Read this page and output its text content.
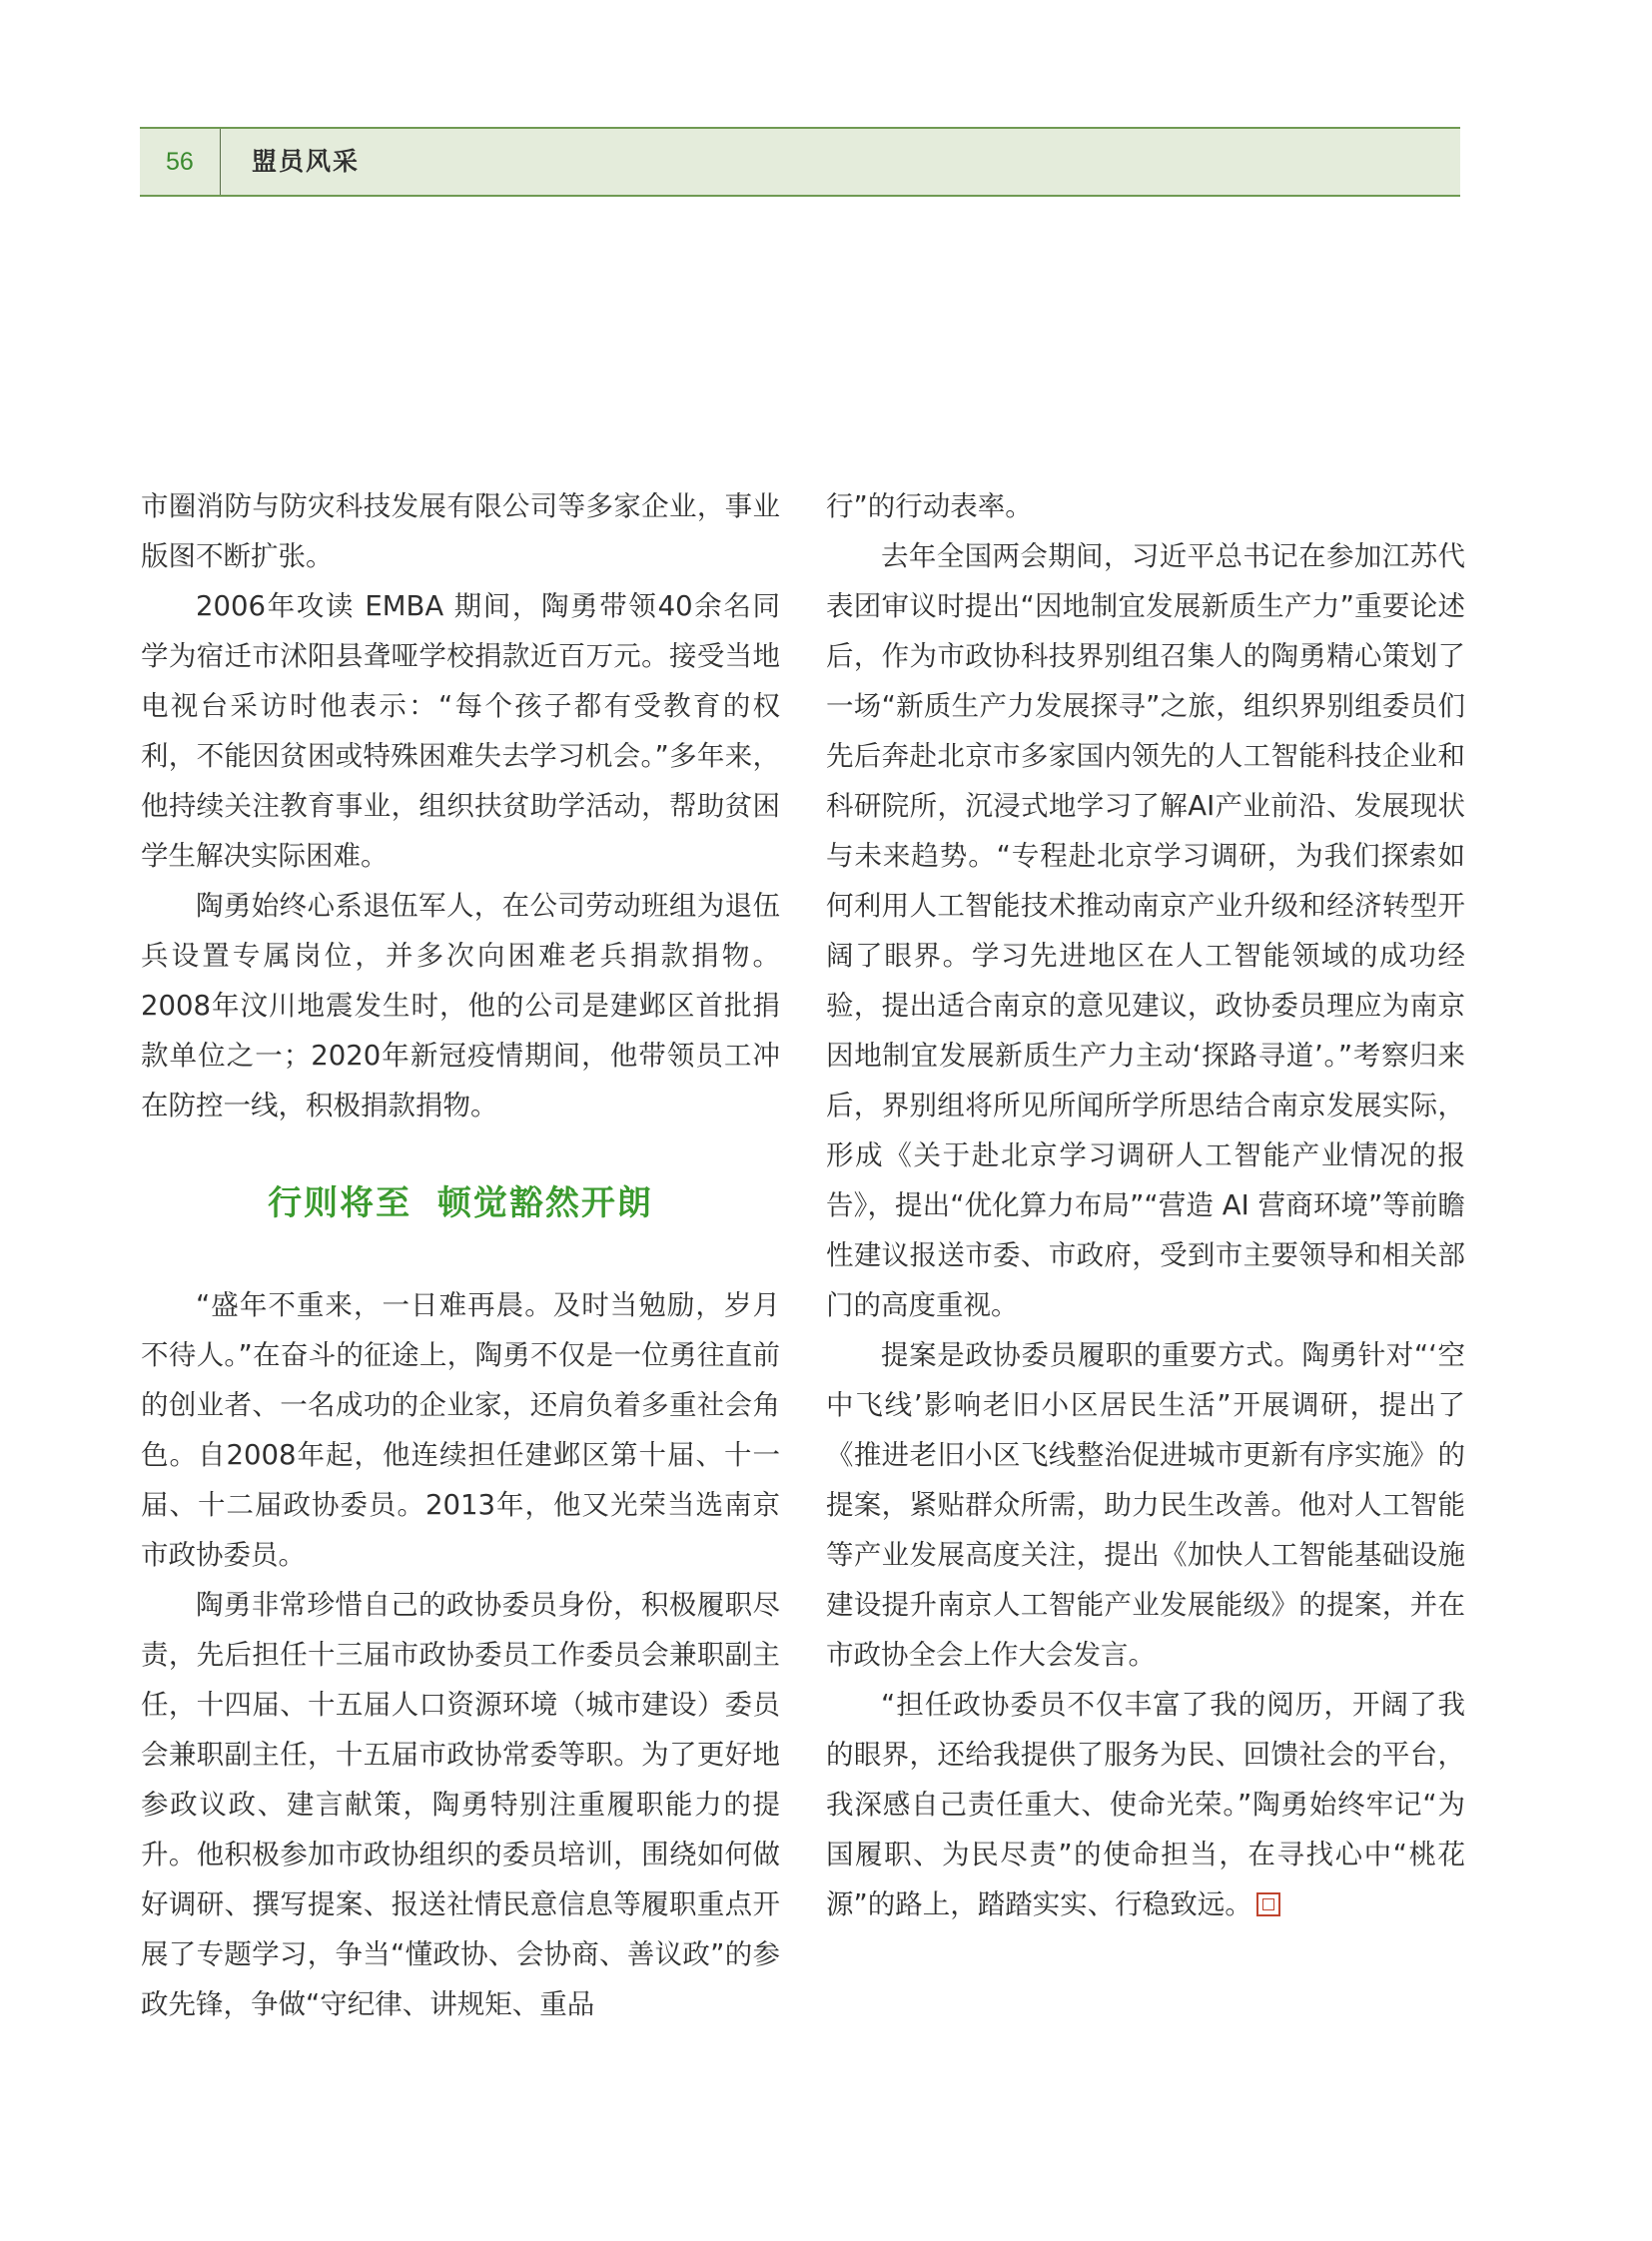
56 盟员风采

市圈消防与防灾科技发展有限公司等多家企业，事业版图不断扩张。

2006年攻读 EMBA 期间，陶勇带领40余名同学为宿迁市沭阳县聋哑学校捐款近百万元。接受当地电视台采访时他表示：“每个孩子都有受教育的权利，不能因贫困或特殊困难失去学习机会。”多年来，他持续关注教育事业，组织扶贫助学活动，帮助贫困学生解决实际困难。

陶勇始终心系退伍军人，在公司劳动班组为退伍兵设置专属岗位，并多次向困难老兵捐款捐物。2008年汶川地震发生时，他的公司是建邺区首批捐款单位之一；2020年新冠疫情期间，他带领员工冲在防控一线，积极捐款捐物。

行则将至 顿觉豁然开朗

“盛年不重来，一日难再晨。及时当勉励，岁月不待人。”在奋斗的征途上，陶勇不仅是一位勇往直前的创业者、一名成功的企业家，还肩负着多重社会角色。自2008年起，他连续担任建邺区第十届、十一届、十二届政协委员。2013年，他又光荣当选南京市政协委员。

陶勇非常珍惜自己的政协委员身份，积极履职尽责，先后担任十三届市政协委员工作委员会兼职副主任，十四届、十五届人口资源环境（城市建设）委员会兼职副主任，十五届市政协常委等职。为了更好地参政议政、建言献策，陶勇特别注重履职能力的提升。他积极参加市政协组织的委员培训，围绕如何做好调研、撰写提案、报送社情民意信息等履职重点开展了专题学习，争当“懂政协、会协商、善议政”的参政先锋，争做“守纪律、讲规矩、重品

行”的行动表率。

去年全国两会期间，习近平总书记在参加江苏代表团审议时提出“因地制宜发展新质生产力”重要论述后，作为市政协科技界别组召集人的陶勇精心策划了一场“新质生产力发展探寻”之旅，组织界别组委员们先后奔赴北京市多家国内领先的人工智能科技企业和科研院所，沉浸式地学习了解AI产业前沿、发展现状与未来趋势。“专程赴北京学习调研，为我们探索如何利用人工智能技术推动南京产业升级和经济转型开阔了眼界。学习先进地区在人工智能领域的成功经验，提出适合南京的意见建议，政协委员理应为南京因地制宜发展新质生产力主动‘探路寻道’。”考察归来后，界别组将所见所闻所学所思结合南京发展实际，形成《关于赴北京学习调研人工智能产业情况的报告》，提出“优化算力布局”“营造 AI 营商环境”等前瞻性建议报送市委、市政府，受到市主要领导和相关部门的高度重视。

提案是政协委员履职的重要方式。陶勇针对“‘空中飞线’影响老旧小区居民生活”开展调研，提出了《推进老旧小区飞线整治促进城市更新有序实施》的提案，紧贴群众所需，助力民生改善。他对人工智能等产业发展高度关注，提出《加快人工智能基础设施建设提升南京人工智能产业发展能级》的提案，并在市政协全会上作大会发言。

“担任政协委员不仅丰富了我的阅历，开阔了我的眼界，还给我提供了服务为民、回馈社会的平台，我深感自己责任重大、使命光荣。”陶勇始终牢记“为国履职、为民尽责”的使命担当，在寻找心中“桃花源”的路上，踏踏实实、行稳致远。
